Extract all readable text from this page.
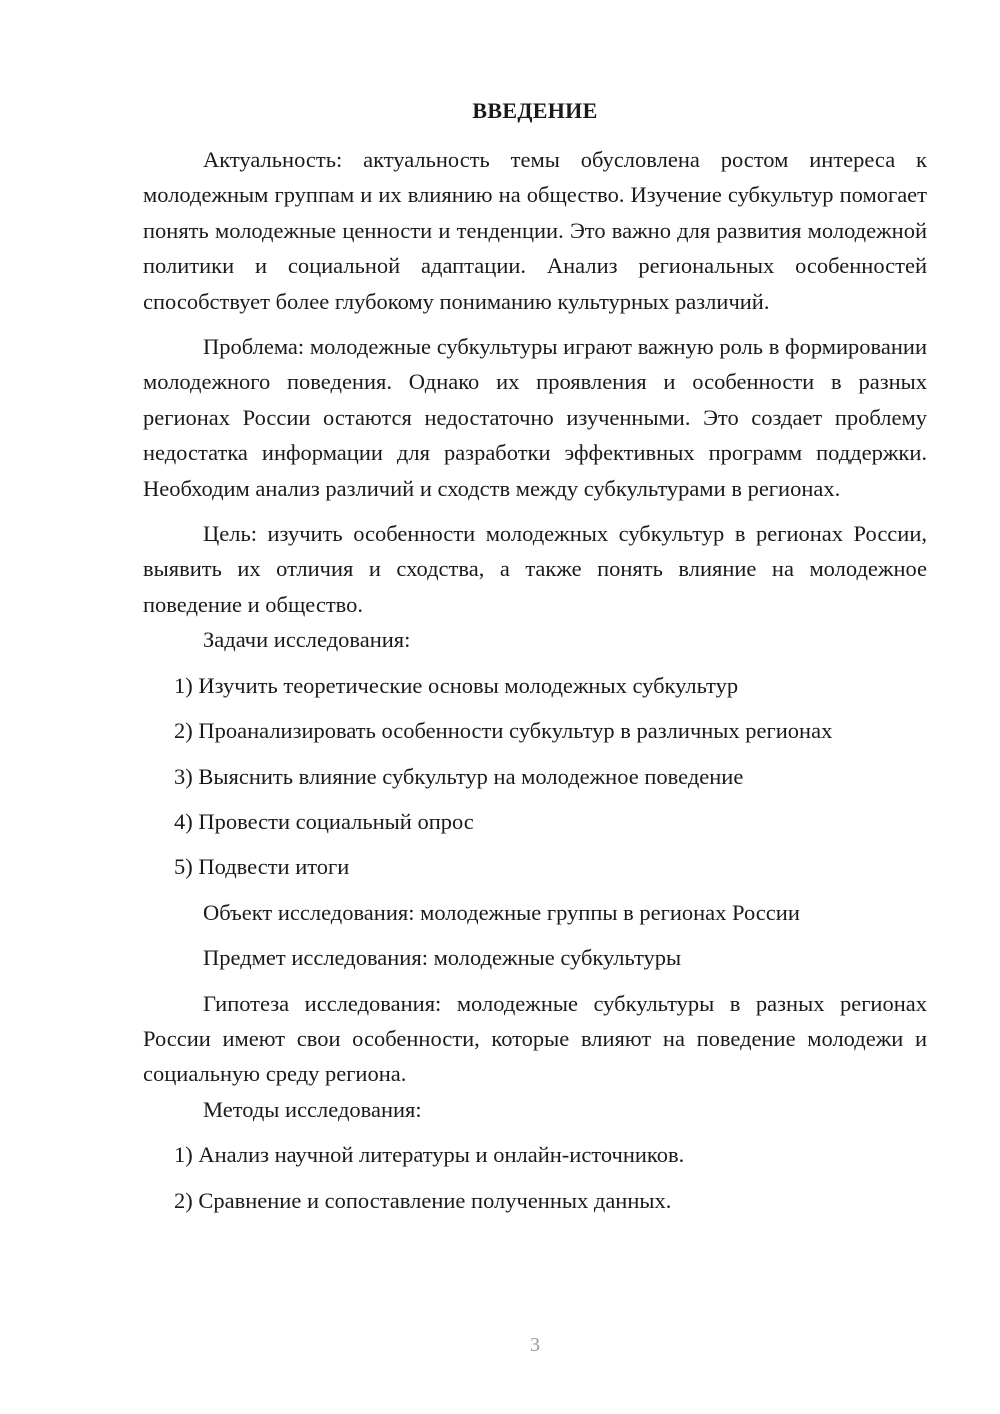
ВВЕДЕНИЕ

Актуальность: актуальность темы обусловлена ростом интереса к молодежным группам и их влиянию на общество. Изучение субкультур помогает понять молодежные ценности и тенденции. Это важно для развития молодежной политики и социальной адаптации. Анализ региональных особенностей способствует более глубокому пониманию культурных различий.

Проблема: молодежные субкультуры играют важную роль в формировании молодежного поведения. Однако их проявления и особенности в разных регионах России остаются недостаточно изученными. Это создает проблему недостатка информации для разработки эффективных программ поддержки. Необходим анализ различий и сходств между субкультурами в регионах.

Цель: изучить особенности молодежных субкультур в регионах России, выявить их отличия и сходства, а также понять влияние на молодежное поведение и общество.

Задачи исследования:

1) Изучить теоретические основы молодежных субкультур

2) Проанализировать особенности субкультур в различных регионах

3) Выяснить влияние субкультур на молодежное поведение

4) Провести социальный опрос

5) Подвести итоги

Объект исследования: молодежные группы в регионах России

Предмет исследования: молодежные субкультуры

Гипотеза исследования: молодежные субкультуры в разных регионах России имеют свои особенности, которые влияют на поведение молодежи и социальную среду региона.

Методы исследования:

1) Анализ научной литературы и онлайн-источников.

2) Сравнение и сопоставление полученных данных.

3
